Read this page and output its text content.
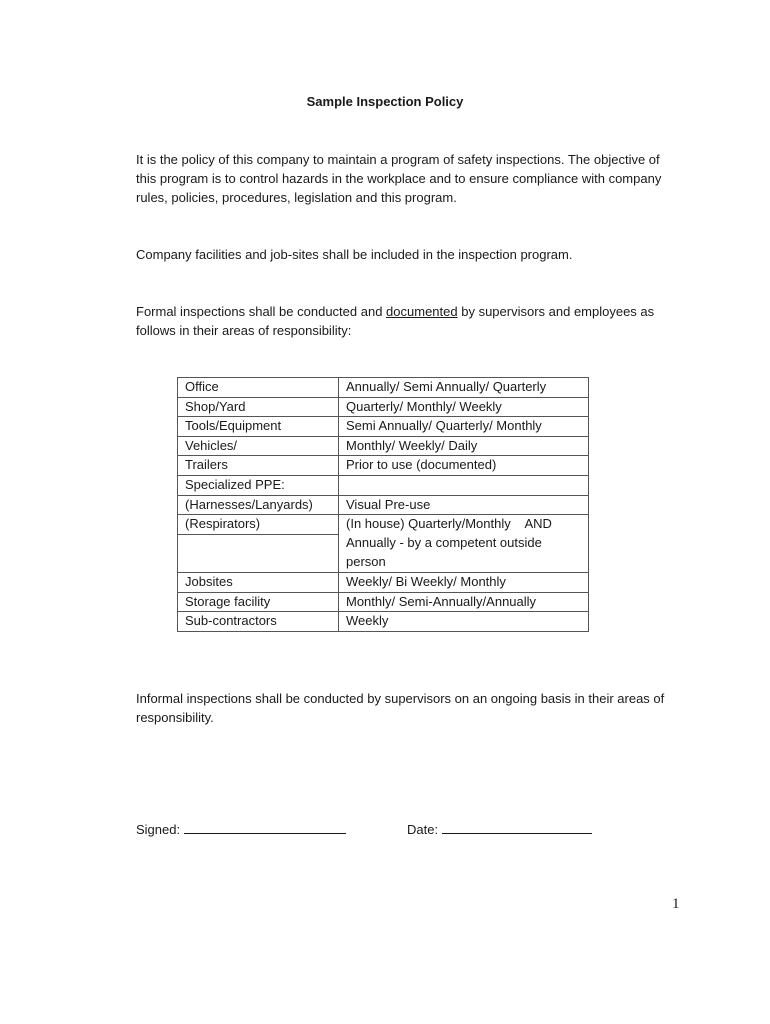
Sample Inspection Policy
It is the policy of this company to maintain a program of safety inspections. The objective of this program is to control hazards in the workplace and to ensure compliance with company rules, policies, procedures, legislation and this program.
Company facilities and job-sites shall be included in the inspection program.
Formal inspections shall be conducted and documented by supervisors and employees as follows in their areas of responsibility:
Office	Annually/ Semi Annually/ Quarterly
Shop/Yard	Quarterly/ Monthly/ Weekly
Tools/Equipment	Semi Annually/ Quarterly/ Monthly
Vehicles/	Monthly/ Weekly/ Daily
Trailers	Prior to use (documented)
Specialized PPE:	
(Harnesses/Lanyards)	Visual Pre-use
(Respirators)	(In house) Quarterly/Monthly    AND
	Annually - by a competent outside
	person
Jobsites	Weekly/ Bi Weekly/ Monthly
Storage facility	Monthly/ Semi-Annually/Annually
Sub-contractors	Weekly
Informal inspections shall be conducted by supervisors on an ongoing basis in their areas of responsibility.
Signed:	Date:
1
